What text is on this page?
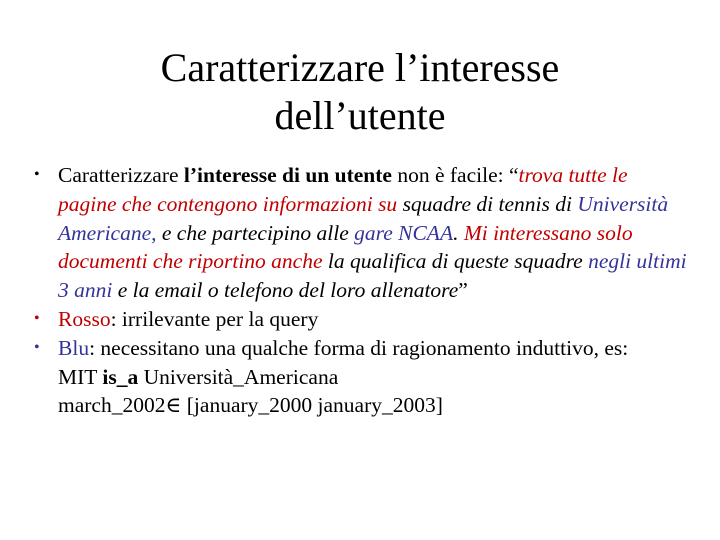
Caratterizzare l’interesse
dell’utente
• Caratterizzare l’interesse di un utente non è facile: “trova tutte le pagine che contengono informazioni su squadre di tennis di Università Americane, e che partecipino alle gare NCAA. Mi interessano solo documenti che riportino anche la qualifica di queste squadre negli ultimi 3 anni e la email o telefono del loro allenatore”
• Rosso: irrilevante per la query
• Blu: necessitano una qualche forma di ragionamento induttivo, es:
MIT is_a Università_Americana
march_2002∈ [january_2000 january_2003]
